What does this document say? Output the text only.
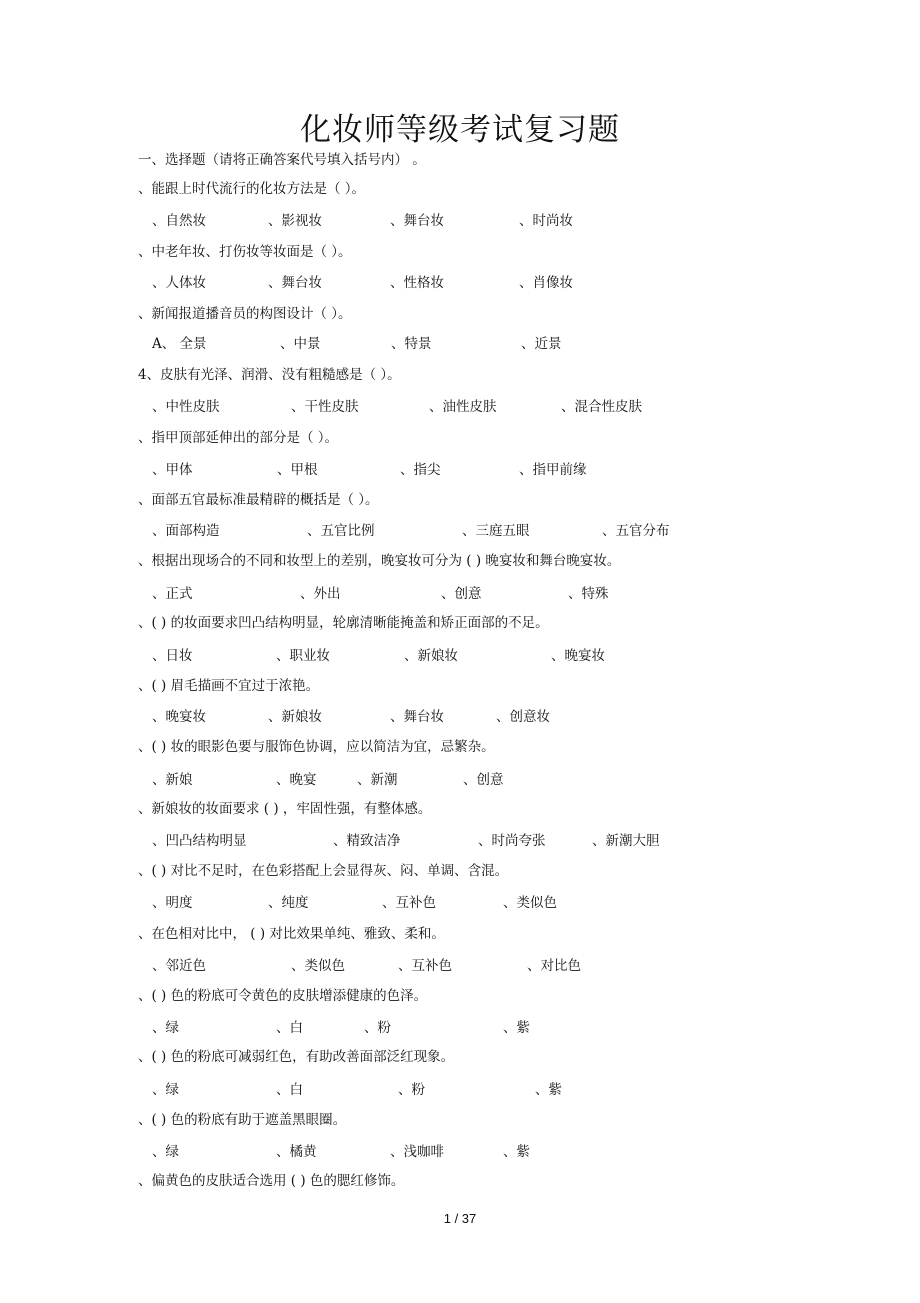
化妆师等级考试复习题
一、选择题（请将正确答案代号填入括号内） 。
、能跟上时代流行的化妆方法是（ ）。
、自然妆	、影视妆	、舞台妆	、时尚妆
、中老年妆、打伤妆等妆面是（ ）。
、人体妆	、舞台妆	、性格妆	、肖像妆
、新闻报道播音员的构图设计（ ）。
A、 全景	、中景	、特景	、近景
4、皮肤有光泽、润滑、没有粗糙感是（ ）。
、中性皮肤	、干性皮肤	、油性皮肤	、混合性皮肤
、指甲顶部延伸出的部分是（ ）。
、甲体	、甲根	、指尖	、指甲前缘
、面部五官最标准最精辟的概括是（ ）。
、面部构造	、五官比例	、三庭五眼	、五官分布
、根据出现场合的不同和妆型上的差别，晚宴妆可分为 ( ) 晚宴妆和舞台晚宴妆。
、正式	、外出	、创意	、特殊
、( ) 的妆面要求凹凸结构明显，轮廓清晰能掩盖和矫正面部的不足。
、日妆	、职业妆	、新娘妆	、晚宴妆
、( ) 眉毛描画不宜过于浓艳。
、晚宴妆	、新娘妆	、舞台妆	、创意妆
、( ) 妆的眼影色要与服饰色协调，应以简洁为宜，忌繁杂。
、新娘	、晚宴	、新潮	、创意
、新娘妆的妆面要求 ( ) ，牢固性强，有整体感。
、凹凸结构明显	、精致洁净	、时尚夸张	、新潮大胆
、( ) 对比不足时，在色彩搭配上会显得灰、闷、单调、含混。
、明度	、纯度	、互补色	、类似色
、在色相对比中， ( ) 对比效果单纯、雅致、柔和。
、邻近色	、类似色	、互补色	、对比色
、( ) 色的粉底可令黄色的皮肤增添健康的色泽。
、绿	、白	、粉	、紫
、( ) 色的粉底可减弱红色，有助改善面部泛红现象。
、绿	、白	、粉	、紫
、( ) 色的粉底有助于遮盖黑眼圈。
、绿	、橘黄	、浅咖啡	、紫
、偏黄色的皮肤适合选用 ( ) 色的腮红修饰。
1 / 37
